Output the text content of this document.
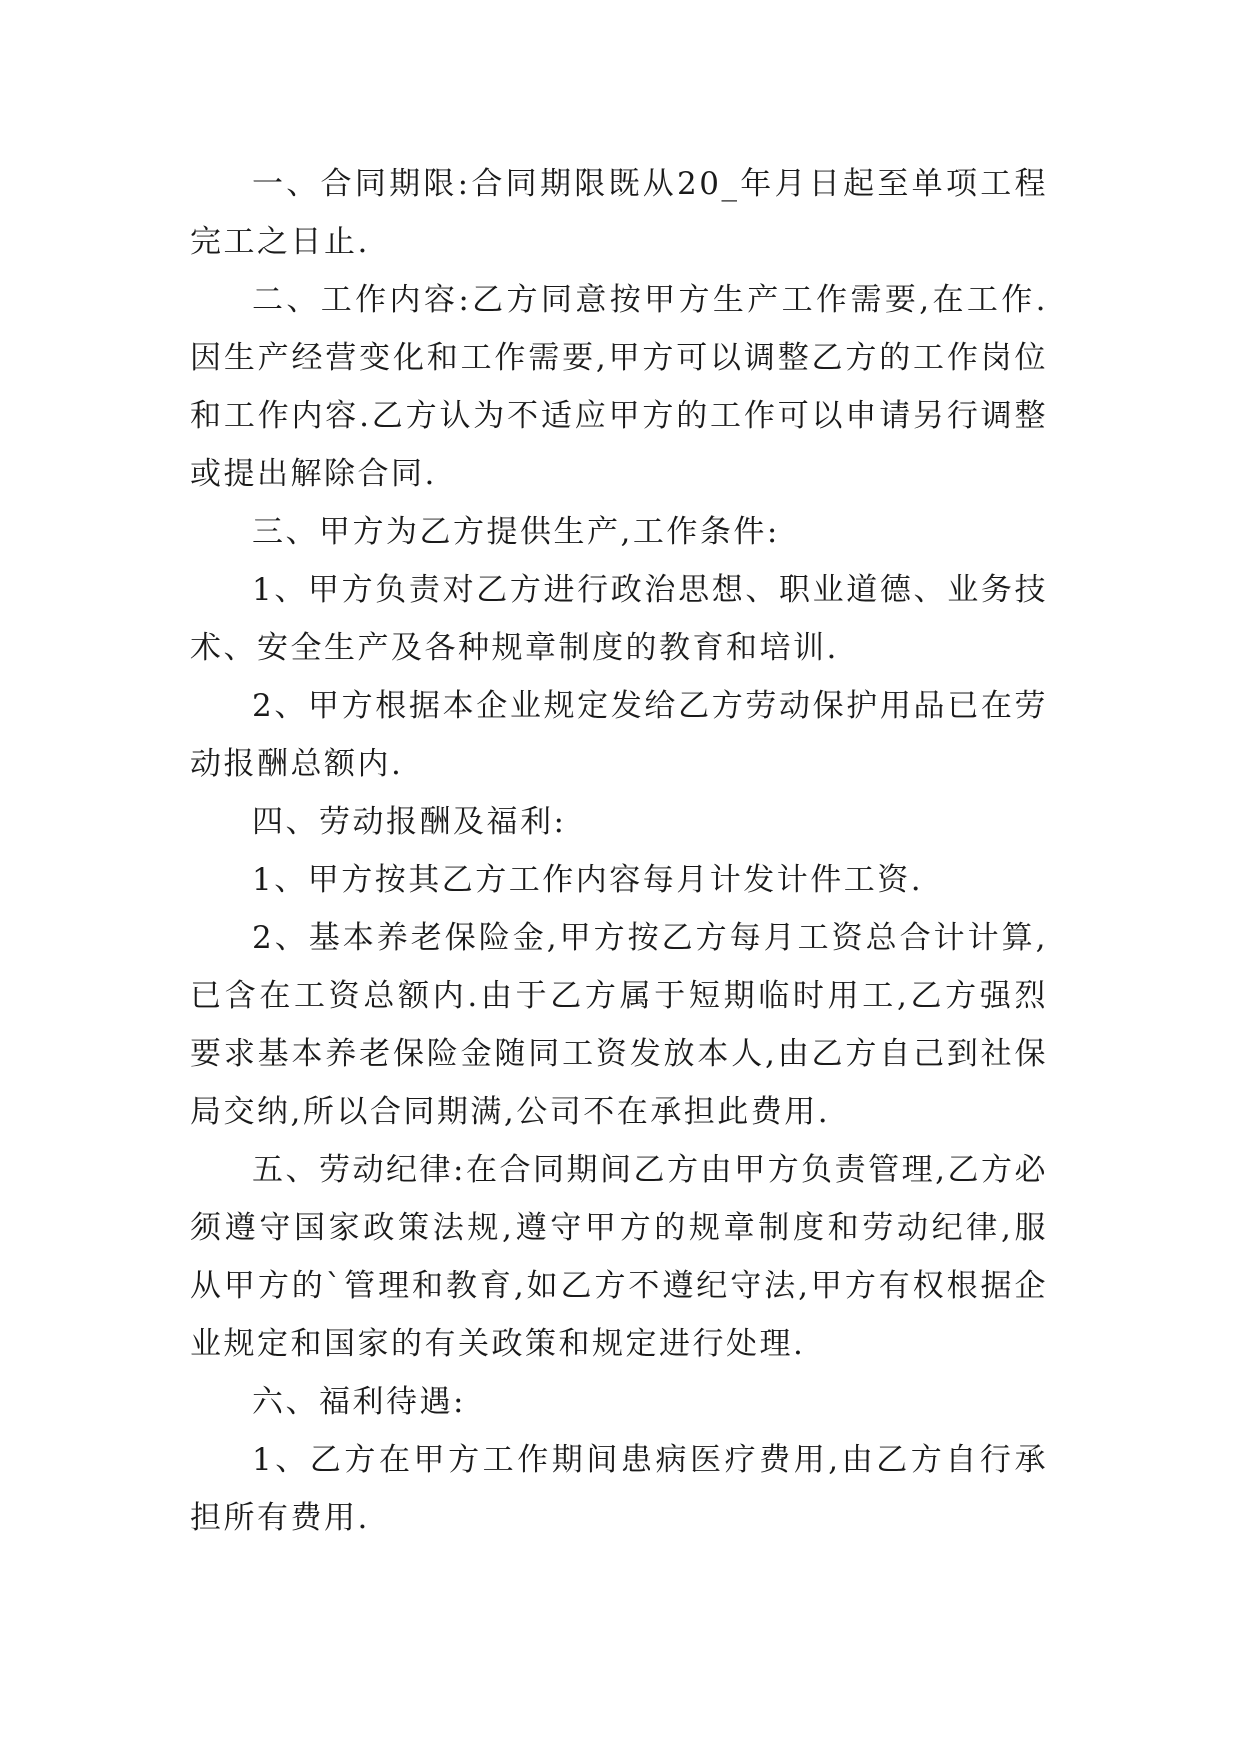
一、合同期限:合同期限既从20_年月日起至单项工程完工之日止.

二、工作内容:乙方同意按甲方生产工作需要,在工作.因生产经营变化和工作需要,甲方可以调整乙方的工作岗位和工作内容.乙方认为不适应甲方的工作可以申请另行调整或提出解除合同.

三、甲方为乙方提供生产,工作条件:

1、甲方负责对乙方进行政治思想、职业道德、业务技术、安全生产及各种规章制度的教育和培训.

2、甲方根据本企业规定发给乙方劳动保护用品已在劳动报酬总额内.

四、劳动报酬及福利:

1、甲方按其乙方工作内容每月计发计件工资.

2、基本养老保险金,甲方按乙方每月工资总合计计算,已含在工资总额内.由于乙方属于短期临时用工,乙方强烈要求基本养老保险金随同工资发放本人,由乙方自己到社保局交纳,所以合同期满,公司不在承担此费用.

五、劳动纪律:在合同期间乙方由甲方负责管理,乙方必须遵守国家政策法规,遵守甲方的规章制度和劳动纪律,服从甲方的`管理和教育,如乙方不遵纪守法,甲方有权根据企业规定和国家的有关政策和规定进行处理.

六、福利待遇:

1、乙方在甲方工作期间患病医疗费用,由乙方自行承担所有费用.
